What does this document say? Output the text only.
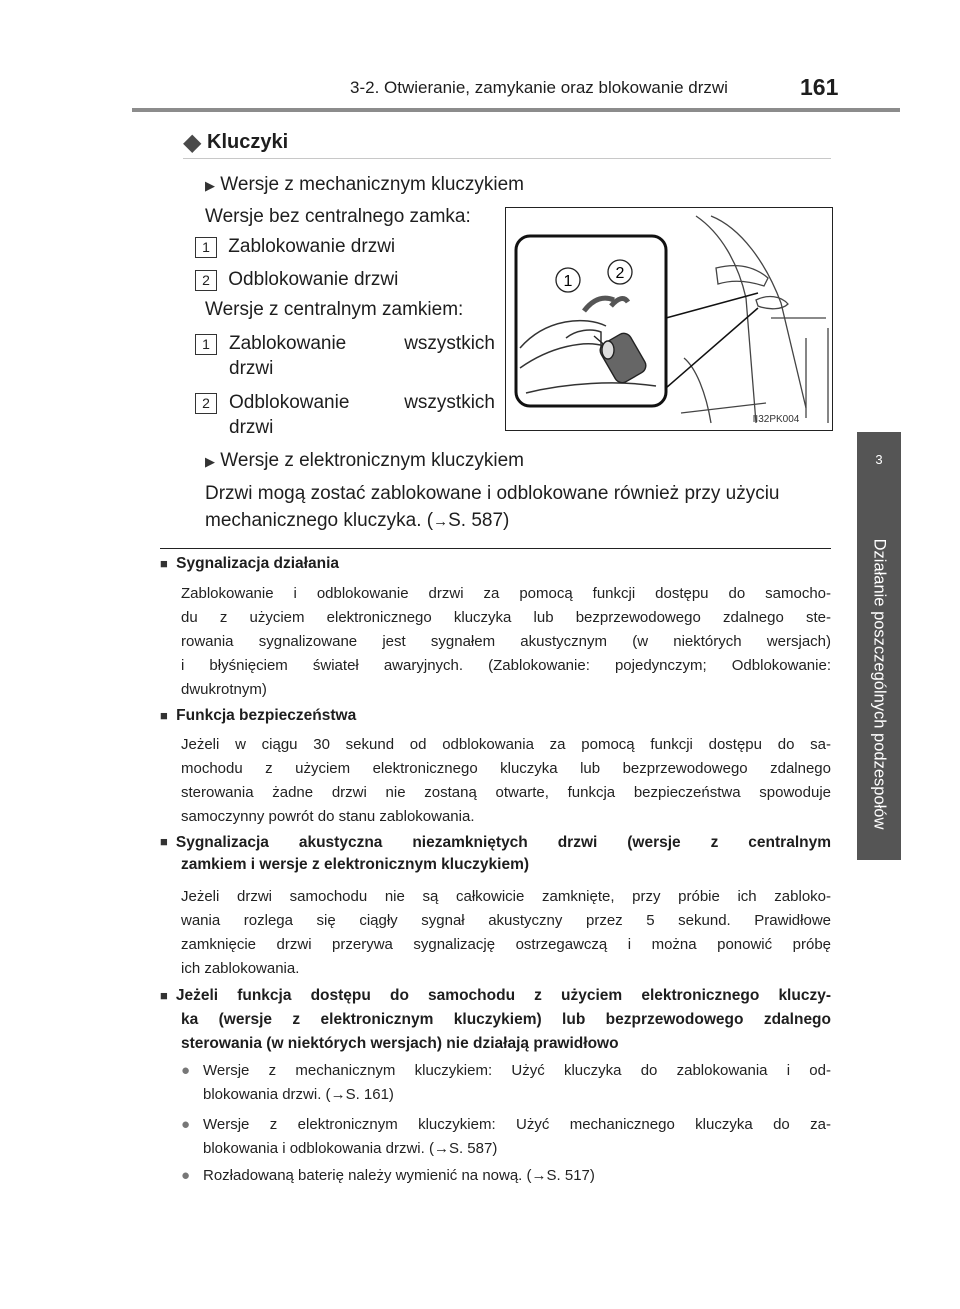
3-2. Otwieranie, zamykanie oraz blokowanie drzwi	161
3
Działanie poszczególnych podzespołów
◆ Kluczyki
▶ Wersje z mechanicznym kluczykiem
Wersje bez centralnego zamka:
1 Zablokowanie drzwi
2 Odblokowanie drzwi
Wersje z centralnym zamkiem:
1	Zablokowanie	wszystkich
drzwi
2	Odblokowanie	wszystkich
drzwi
1	2
II32PK004
▶ Wersje z elektronicznym kluczykiem
Drzwi mogą zostać zablokowane i odblokowane również przy użyciu
mechanicznego kluczyka. (→S. 587)
■ Sygnalizacja działania
Zablokowanie i odblokowanie drzwi za pomocą funkcji dostępu do samocho-
du z użyciem elektronicznego kluczyka lub bezprzewodowego zdalnego ste-
rowania sygnalizowane jest sygnałem akustycznym (w niektórych wersjach)
i błyśnięciem świateł awaryjnych. (Zablokowanie: pojedynczym; Odblokowanie:
dwukrotnym)
■ Funkcja bezpieczeństwa
Jeżeli w ciągu 30 sekund od odblokowania za pomocą funkcji dostępu do sa-
mochodu z użyciem elektronicznego kluczyka lub bezprzewodowego zdalnego
sterowania żadne drzwi nie zostaną otwarte, funkcja bezpieczeństwa spowoduje
samoczynny powrót do stanu zablokowania.
■ Sygnalizacja akustyczna niezamkniętych drzwi (wersje z centralnym
zamkiem i wersje z elektronicznym kluczykiem)
Jeżeli drzwi samochodu nie są całkowicie zamknięte, przy próbie ich zabloko-
wania rozlega się ciągły sygnał akustyczny przez 5 sekund. Prawidłowe
zamknięcie drzwi przerywa sygnalizację ostrzegawczą i można ponowić próbę
ich zablokowania.
■ Jeżeli funkcja dostępu do samochodu z użyciem elektronicznego kluczy-
ka (wersje z elektronicznym kluczykiem) lub bezprzewodowego zdalnego
sterowania (w niektórych wersjach) nie działają prawidłowo
● Wersje z mechanicznym kluczykiem: Użyć kluczyka do zablokowania i od-
blokowania drzwi. (→S. 161)
● Wersje z elektronicznym kluczykiem: Użyć mechanicznego kluczyka do za-
blokowania i odblokowania drzwi. (→S. 587)
● Rozładowaną baterię należy wymienić na nową. ( → S. 517)
